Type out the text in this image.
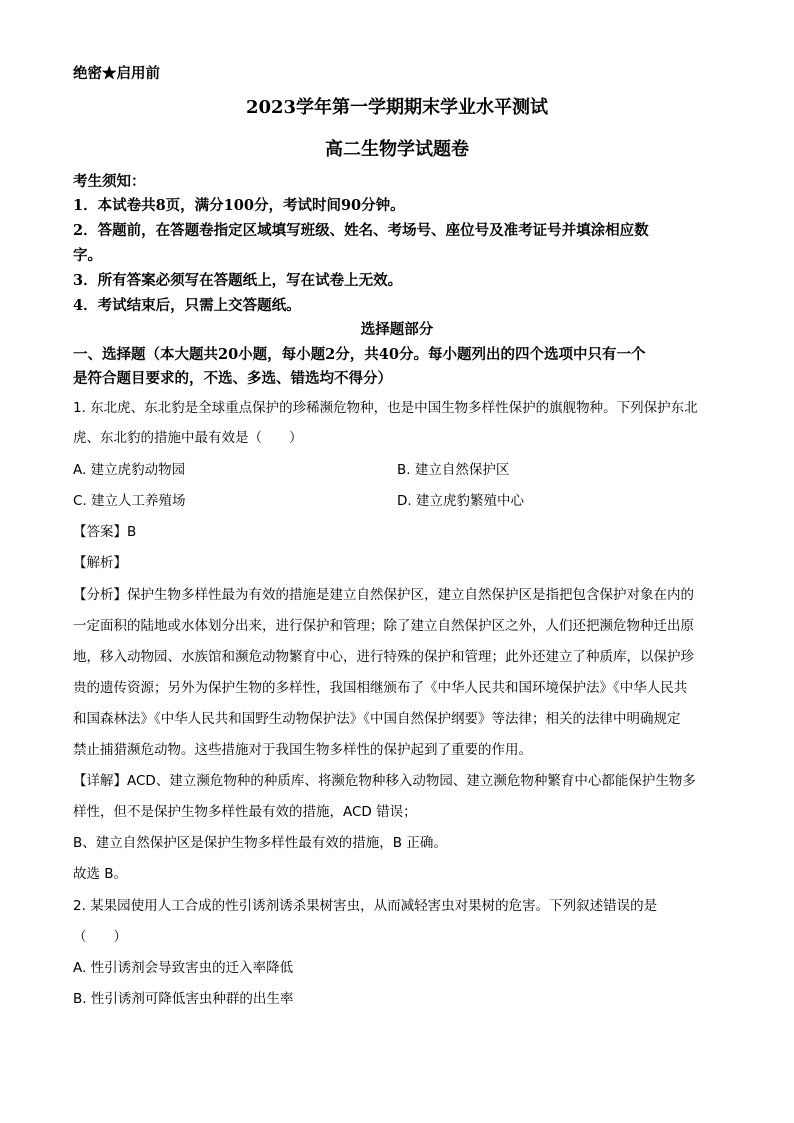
绝密★启用前
2023学年第一学期期末学业水平测试
高二生物学试题卷
考生须知：
1．本试卷共8页，满分100分，考试时间90分钟。
2．答题前，在答题卷指定区域填写班级、姓名、考场号、座位号及准考证号并填涂相应数
字。
3．所有答案必须写在答题纸上，写在试卷上无效。
4．考试结束后，只需上交答题纸。
选择题部分
一、选择题（本大题共20小题，每小题2分，共40分。每小题列出的四个选项中只有一个
是符合题目要求的，不选、多选、错选均不得分）
1. 东北虎、东北豹是全球重点保护的珍稀濒危物种，也是中国生物多样性保护的旗舰物种。下列保护东北
虎、东北豹的措施中最有效是（　　）
A. 建立虎豹动物园	B. 建立自然保护区
C. 建立人工养殖场	D. 建立虎豹繁殖中心
【答案】B
【解析】
【分析】保护生物多样性最为有效的措施是建立自然保护区，建立自然保护区是指把包含保护对象在内的
一定面积的陆地或水体划分出来，进行保护和管理；除了建立自然保护区之外，人们还把濒危物种迁出原
地，移入动物园、水族馆和濒危动物繁育中心，进行特殊的保护和管理；此外还建立了种质库，以保护珍
贵的遗传资源；另外为保护生物的多样性，我国相继颁布了《中华人民共和国环境保护法》《中华人民共
和国森林法》《中华人民共和国野生动物保护法》《中国自然保护纲要》等法律；相关的法律中明确规定
禁止捕猎濒危动物。这些措施对于我国生物多样性的保护起到了重要的作用。
【详解】ACD、建立濒危物种的种质库、将濒危物种移入动物园、建立濒危物种繁育中心都能保护生物多
样性，但不是保护生物多样性最有效的措施，ACD 错误；
B、建立自然保护区是保护生物多样性最有效的措施，B 正确。
故选 B。
2. 某果园使用人工合成的性引诱剂诱杀果树害虫，从而减轻害虫对果树的危害。下列叙述错误的是
（　　）
A. 性引诱剂会导致害虫的迁入率降低
B. 性引诱剂可降低害虫种群的出生率
